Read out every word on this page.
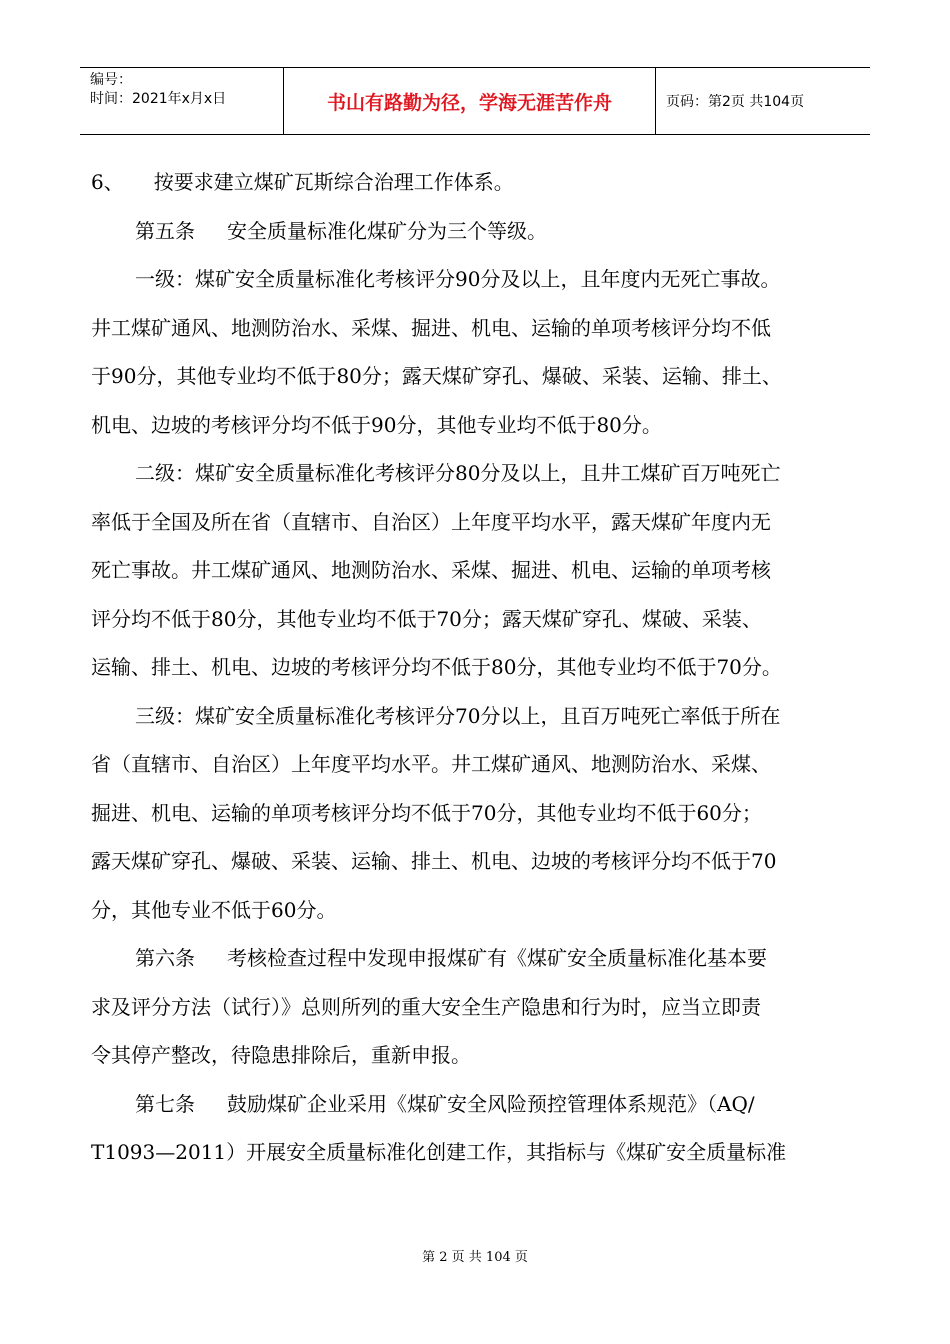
编号：
时间：2021年x月x日	书山有路勤为径，学海无涯苦作舟	页码：第2页 共104页

6、 按要求建立煤矿瓦斯综合治理工作体系。

第五条 安全质量标准化煤矿分为三个等级。

一级：煤矿安全质量标准化考核评分90分及以上，且年度内无死亡事故。

井工煤矿通风、地测防治水、采煤、掘进、机电、运输的单项考核评分均不低

于90分，其他专业均不低于80分；露天煤矿穿孔、爆破、采装、运输、排土、

机电、边坡的考核评分均不低于90分，其他专业均不低于80分。

二级：煤矿安全质量标准化考核评分80分及以上，且井工煤矿百万吨死亡

率低于全国及所在省（直辖市、自治区）上年度平均水平，露天煤矿年度内无

死亡事故。井工煤矿通风、地测防治水、采煤、掘进、机电、运输的单项考核

评分均不低于80分，其他专业均不低于70分；露天煤矿穿孔、煤破、采装、

运输、排土、机电、边坡的考核评分均不低于80分，其他专业均不低于70分。

三级：煤矿安全质量标准化考核评分70分以上，且百万吨死亡率低于所在

省（直辖市、自治区）上年度平均水平。井工煤矿通风、地测防治水、采煤、

掘进、机电、运输的单项考核评分均不低于70分，其他专业均不低于60分；

露天煤矿穿孔、爆破、采装、运输、排土、机电、边坡的考核评分均不低于70

分，其他专业不低于60分。

第六条 考核检查过程中发现申报煤矿有《煤矿安全质量标准化基本要

求及评分方法（试行）》总则所列的重大安全生产隐患和行为时，应当立即责

令其停产整改，待隐患排除后，重新申报。

第七条 鼓励煤矿企业采用《煤矿安全风险预控管理体系规范》（AQ/

T1093—2011）开展安全质量标准化创建工作，其指标与《煤矿安全质量标准

第 2 页 共 104 页
